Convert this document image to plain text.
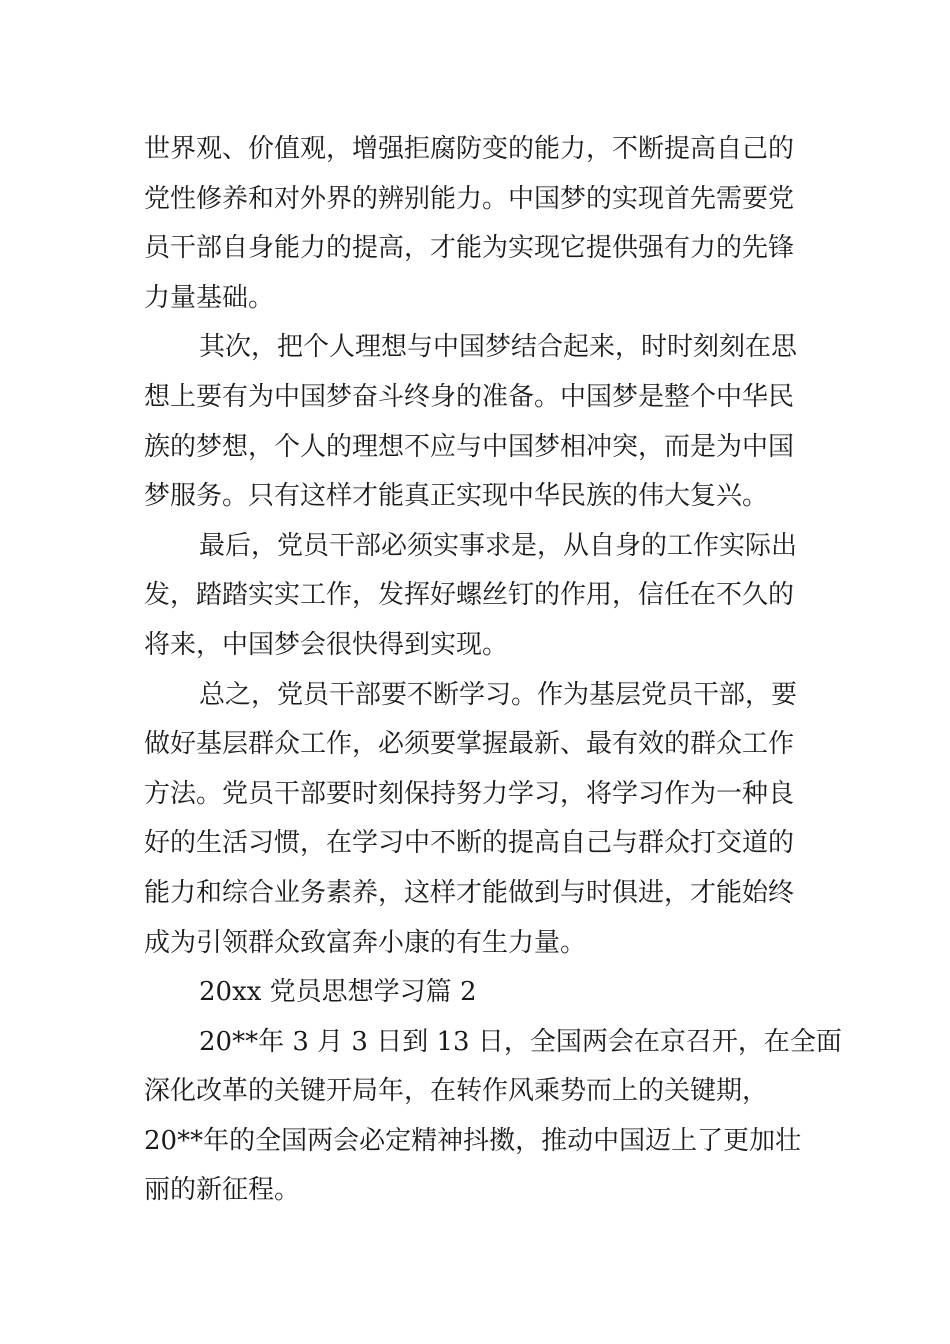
世界观、价值观，增强拒腐防变的能力，不断提高自己的

党性修养和对外界的辨别能力。中国梦的实现首先需要党

员干部自身能力的提高，才能为实现它提供强有力的先锋

力量基础。

其次，把个人理想与中国梦结合起来，时时刻刻在思

想上要有为中国梦奋斗终身的准备。中国梦是整个中华民

族的梦想，个人的理想不应与中国梦相冲突，而是为中国

梦服务。只有这样才能真正实现中华民族的伟大复兴。

最后，党员干部必须实事求是，从自身的工作实际出

发，踏踏实实工作，发挥好螺丝钉的作用，信任在不久的

将来，中国梦会很快得到实现。

总之，党员干部要不断学习。作为基层党员干部，要

做好基层群众工作，必须要掌握最新、最有效的群众工作

方法。党员干部要时刻保持努力学习，将学习作为一种良

好的生活习惯，在学习中不断的提高自己与群众打交道的

能力和综合业务素养，这样才能做到与时俱进，才能始终

成为引领群众致富奔小康的有生力量。

20xx 党员思想学习篇 2

20**年 3 月 3 日到 13 日，全国两会在京召开，在全面

深化改革的关键开局年，在转作风乘势而上的关键期，

20**年的全国两会必定精神抖擞，推动中国迈上了更加壮

丽的新征程。
